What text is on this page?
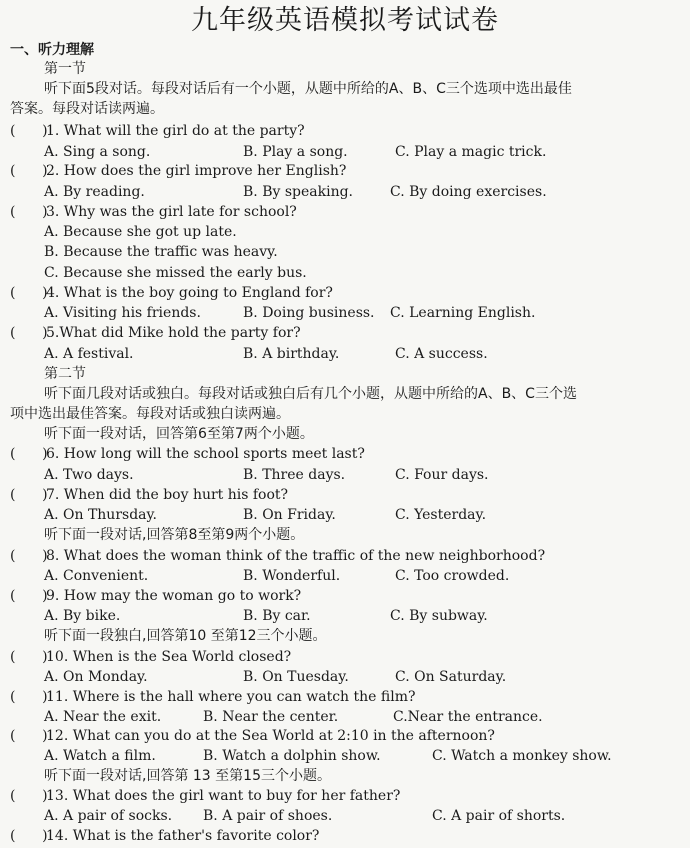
九年级英语模拟考试试卷
一、听力理解
第一节
听下面5段对话。每段对话后有一个小题，从题中所给的A、B、C三个选项中选出最佳
答案。每段对话读两遍。
(      )1. What will the girl do at the party?
A. Sing a song.	B. Play a song.	C. Play a magic trick.
(      )2. How does the girl improve her English?
A. By reading.	B. By speaking.	C. By doing exercises.
(      )3. Why was the girl late for school?
A. Because she got up late.
B. Because the traffic was heavy.
C. Because she missed the early bus.
(      )4. What is the boy going to England for?
A. Visiting his friends.	B. Doing business. C. Learning English.
(      )5.What did Mike hold the party for?
A. A festival.	B. A birthday.	C. A success.
第二节
听下面几段对话或独白。每段对话或独白后有几个小题，从题中所给的A、B、C三个选
项中选出最佳答案。每段对话或独白读两遍。
听下面一段对话，回答第6至第7两个小题。
(      )6. How long will the school sports meet last?
A. Two days.	B. Three days.	C. Four days.
(      )7. When did the boy hurt his foot?
A. On Thursday.	B. On Friday.	C. Yesterday.
听下面一段对话,回答第8至第9两个小题。
(      )8. What does the woman think of the traffic of the new neighborhood?
A. Convenient.	B. Wonderful.	C. Too crowded.
(      )9. How may the woman go to work?
A. By bike.	B. By car.	C. By subway.
听下面一段独白,回答第10 至第12三个小题。
(      )10. When is the Sea World closed?
A. On Monday.	B. On Tuesday.	C. On Saturday.
(      )11. Where is the hall where you can watch the film?
A. Near the exit.	B. Near the center.	C.Near the entrance.
(      )12. What can you do at the Sea World at 2:10 in the afternoon?
A. Watch a film.	B. Watch a dolphin show.	C. Watch a monkey show.
听下面一段对话,回答第 13 至第15三个小题。
(      )13. What does the girl want to buy for her father?
A. A pair of socks. B. A pair of shoes.	C. A pair of shorts.
(      )14. What is the father's favorite color?
